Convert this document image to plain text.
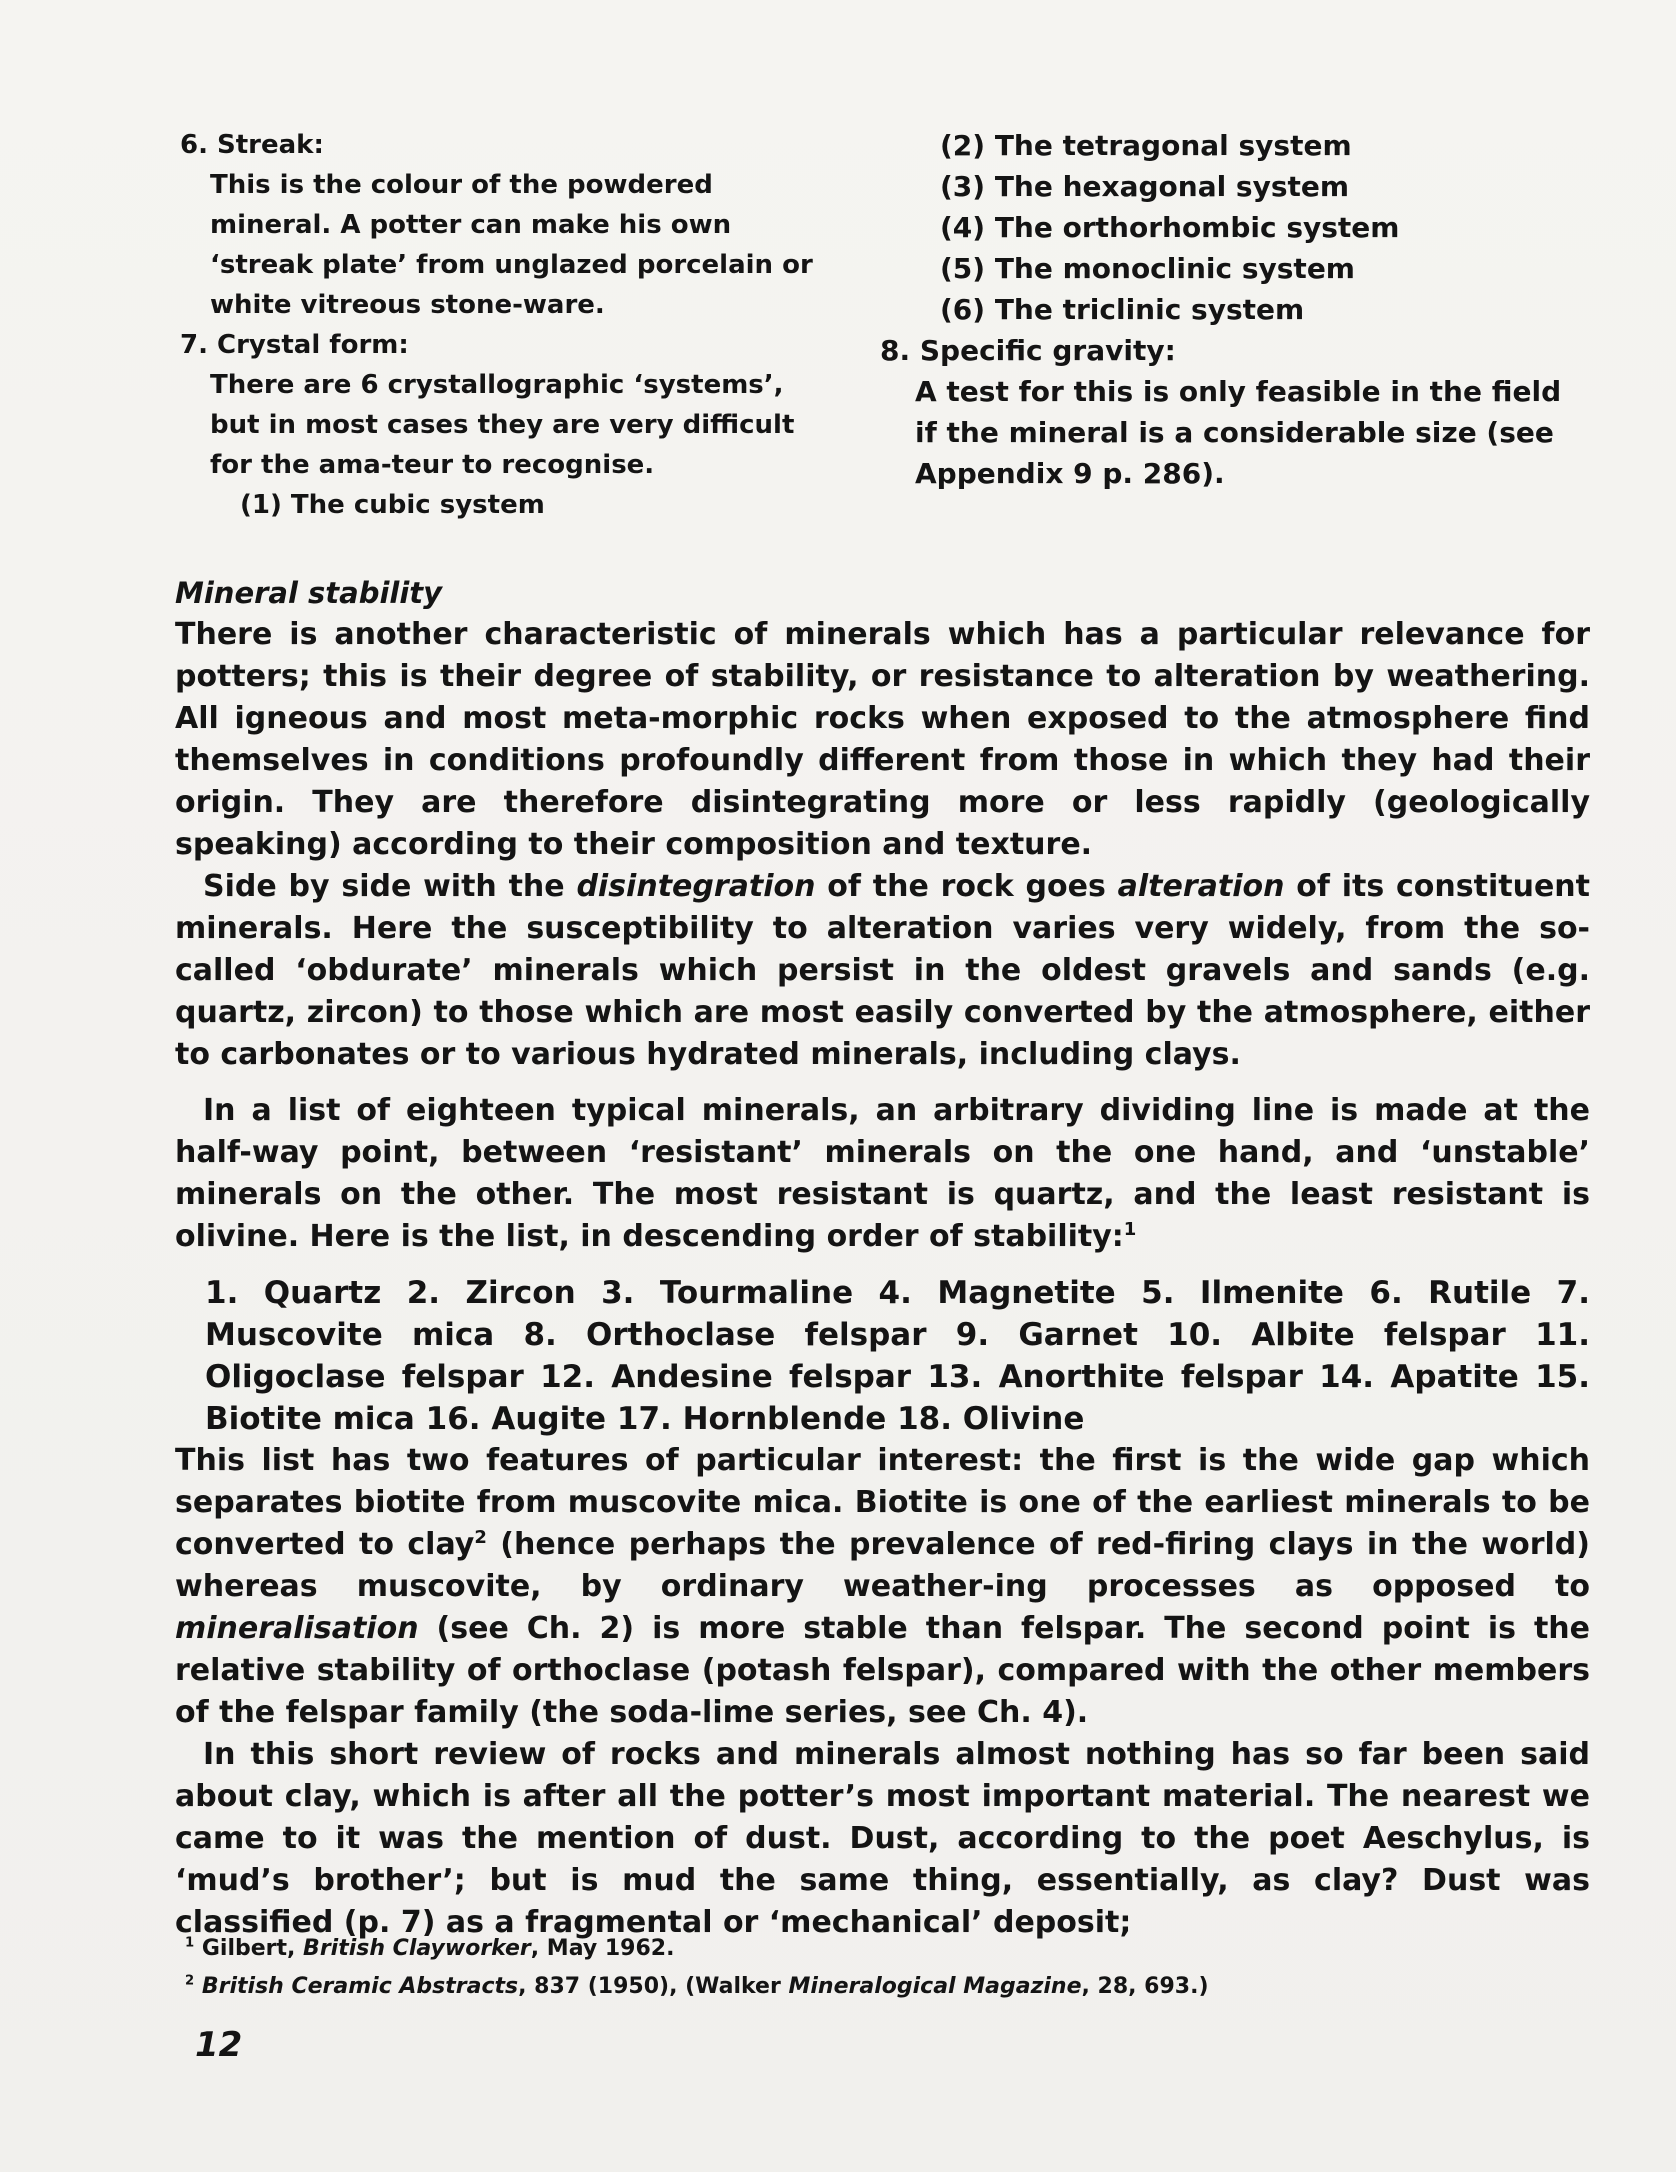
6. Streak:

This is the colour of the powdered mineral. A potter can make his own ‘streak plate’ from unglazed porcelain or white vitreous stone-ware.

7. Crystal form:

There are 6 crystallographic ‘systems’, but in most cases they are very difficult for the ama-teur to recognise.

(1) The cubic system

(2) The tetragonal system

(3) The hexagonal system

(4) The orthorhombic system

(5) The monoclinic system

(6) The triclinic system

8. Specific gravity:

A test for this is only feasible in the field if the mineral is a considerable size (see Appendix 9 p. 286).

Mineral stability

There is another characteristic of minerals which has a particular relevance for potters; this is their degree of stability, or resistance to alteration by weathering. All igneous and most meta-morphic rocks when exposed to the atmosphere find themselves in conditions profoundly different from those in which they had their origin. They are therefore disintegrating more or less rapidly (geologically speaking) according to their composition and texture.

Side by side with the disintegration of the rock goes alteration of its constituent minerals. Here the susceptibility to alteration varies very widely, from the so-called ‘obdurate’ minerals which persist in the oldest gravels and sands (e.g. quartz, zircon) to those which are most easily converted by the atmosphere, either to carbonates or to various hydrated minerals, including clays.

In a list of eighteen typical minerals, an arbitrary dividing line is made at the half-way point, between ‘resistant’ minerals on the one hand, and ‘unstable’ minerals on the other. The most resistant is quartz, and the least resistant is olivine. Here is the list, in descending order of stability:$^1$

1. Quartz 2. Zircon 3. Tourmaline 4. Magnetite 5. Ilmenite 6. Rutile 7. Muscovite mica 8. Orthoclase felspar 9. Garnet 10. Albite felspar 11. Oligoclase felspar 12. Andesine felspar 13. Anorthite felspar 14. Apatite 15. Biotite mica 16. Augite 17. Hornblende 18. Olivine

This list has two features of particular interest: the first is the wide gap which separates biotite from muscovite mica. Biotite is one of the earliest minerals to be converted to clay$^2$ (hence perhaps the prevalence of red-firing clays in the world) whereas muscovite, by ordinary weather-ing processes as opposed to mineralisation (see Ch. 2) is more stable than felspar. The second point is the relative stability of orthoclase (potash felspar), compared with the other members of the felspar family (the soda-lime series, see Ch. 4).

In this short review of rocks and minerals almost nothing has so far been said about clay, which is after all the potter’s most important material. The nearest we came to it was the mention of dust. Dust, according to the poet Aeschylus, is ‘mud’s brother’; but is mud the same thing, essentially, as clay? Dust was classified (p. 7) as a fragmental or ‘mechanical’ deposit;

$^1$ Gilbert, British Clayworker, May 1962.

$^2$ British Ceramic Abstracts, 837 (1950), (Walker Mineralogical Magazine, 28, 693.)

12
